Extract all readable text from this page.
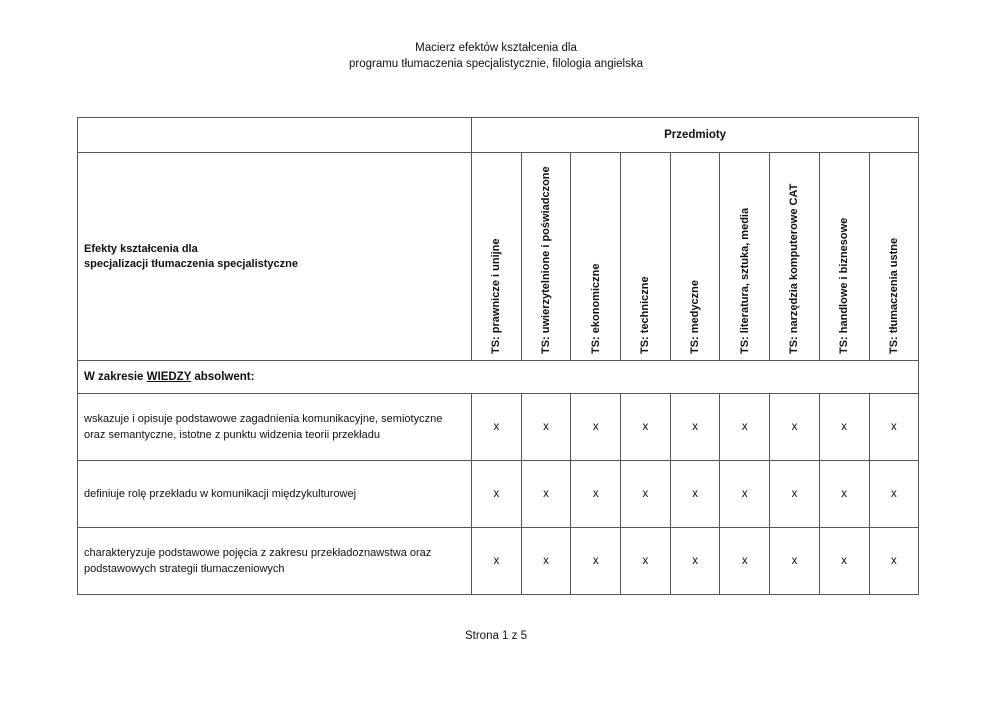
Macierz efektów kształcenia dla
programu tłumaczenia specjalistycznie, filologia angielska
	Przedmioty								

Efekty kształcenia dla
specjalizacji tłumaczenia specjalistyczne	TS: prawnicze i unijne	TS: uwierzytelnione i poświadczone	TS: ekonomiczne	TS: techniczne	TS: medyczne	TS: literatura, sztuka, media	TS: narzędzia komputerowe CAT	TS: handlowe i biznesowe	TS: tłumaczenia ustne

W zakresie WIEDZY absolwent:									
wskazuje i opisuje podstawowe zagadnienia komunikacyjne, semiotyczne oraz semantyczne, istotne z punktu widzenia teorii przekładu	x	x	x	x	x	x	x	x	x
definiuje rolę przekładu w komunikacji międzykulturowej	x	x	x	x	x	x	x	x	x
charakteryzuje podstawowe pojęcia z zakresu przekładoznawstwa oraz podstawowych strategii tłumaczeniowych	x	x	x	x	x	x	x	x	x
Strona 1 z 5
